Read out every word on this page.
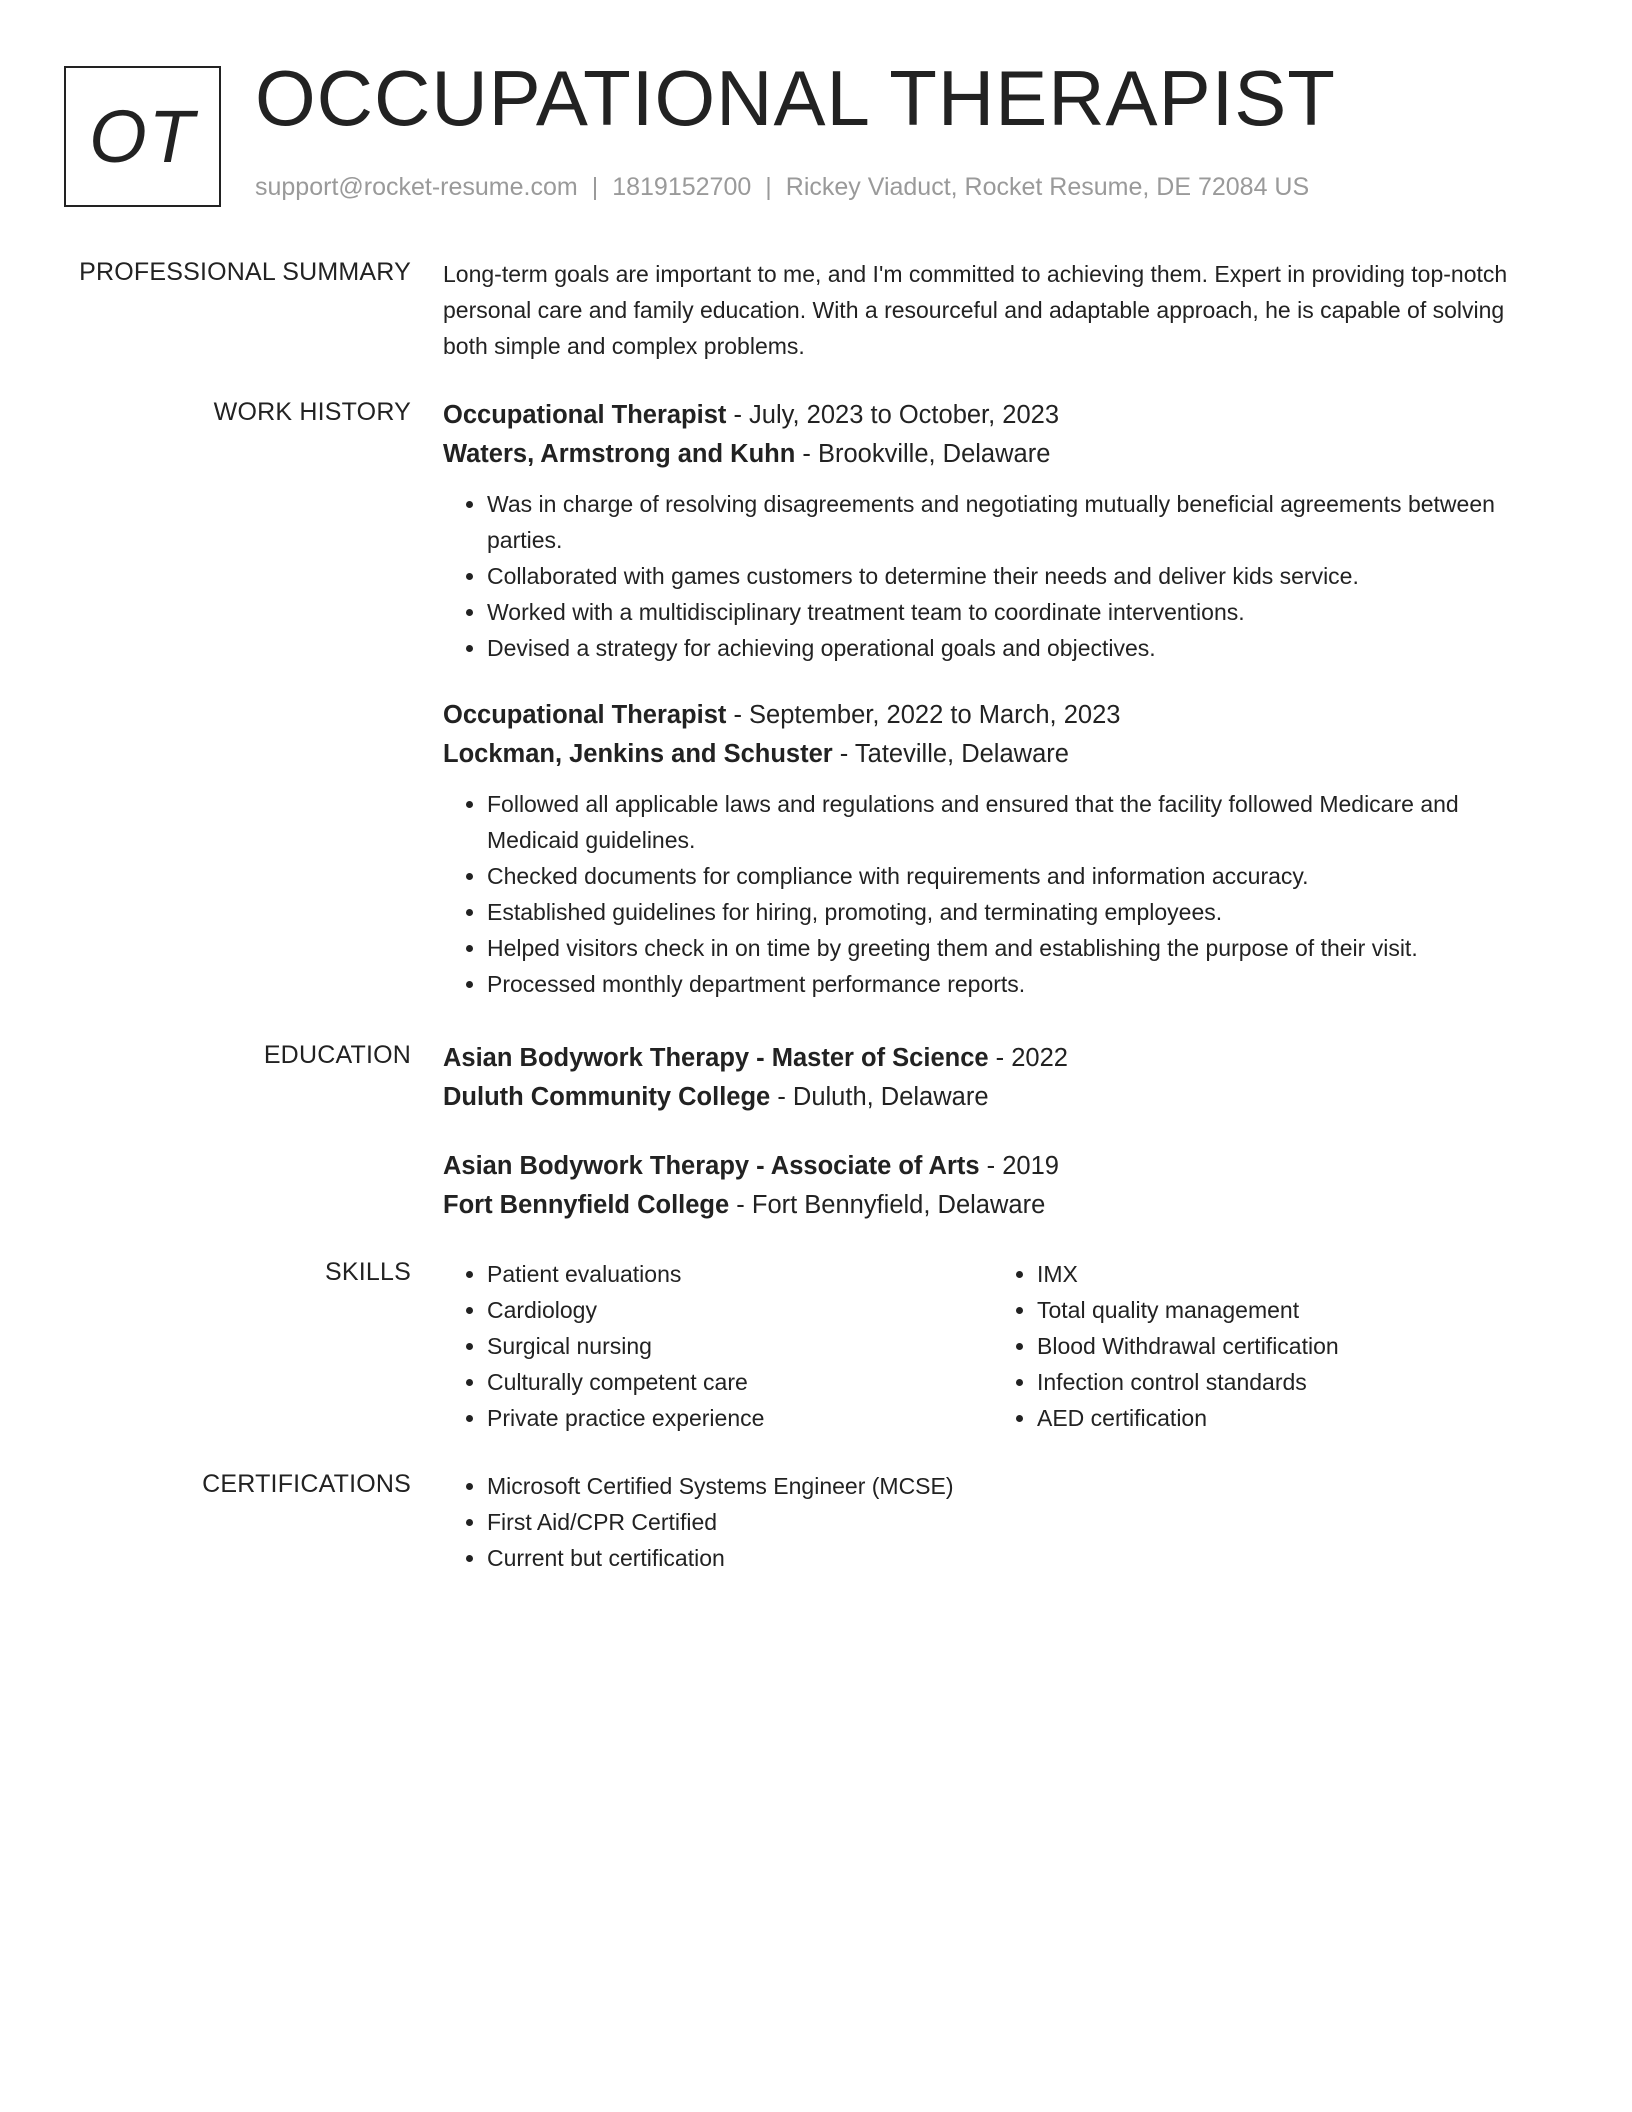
OT OCCUPATIONAL THERAPIST
support@rocket-resume.com | 1819152700 | Rickey Viaduct, Rocket Resume, DE 72084 US
PROFESSIONAL SUMMARY Long-term goals are important to me, and I'm committed to achieving them. Expert in providing top-notch personal care and family education. With a resourceful and adaptable approach, he is capable of solving both simple and complex problems.
WORK HISTORY Occupational Therapist - July, 2023 to October, 2023
Waters, Armstrong and Kuhn - Brookville, Delaware
• Was in charge of resolving disagreements and negotiating mutually beneficial agreements between parties.
• Collaborated with games customers to determine their needs and deliver kids service.
• Worked with a multidisciplinary treatment team to coordinate interventions.
• Devised a strategy for achieving operational goals and objectives.
Occupational Therapist - September, 2022 to March, 2023
Lockman, Jenkins and Schuster - Tateville, Delaware
• Followed all applicable laws and regulations and ensured that the facility followed Medicare and Medicaid guidelines.
• Checked documents for compliance with requirements and information accuracy.
• Established guidelines for hiring, promoting, and terminating employees.
• Helped visitors check in on time by greeting them and establishing the purpose of their visit.
• Processed monthly department performance reports.
EDUCATION Asian Bodywork Therapy - Master of Science - 2022
Duluth Community College - Duluth, Delaware
Asian Bodywork Therapy - Associate of Arts - 2019
Fort Bennyfield College - Fort Bennyfield, Delaware
SKILLS	• Patient evaluations
• Cardiology
• Surgical nursing
• Culturally competent care
• Private practice experience
• IMX
• Total quality management
• Blood Withdrawal certification
• Infection control standards
• AED certification
CERTIFICATIONS	• Microsoft Certified Systems Engineer (MCSE)
• First Aid/CPR Certified
• Current but certification
